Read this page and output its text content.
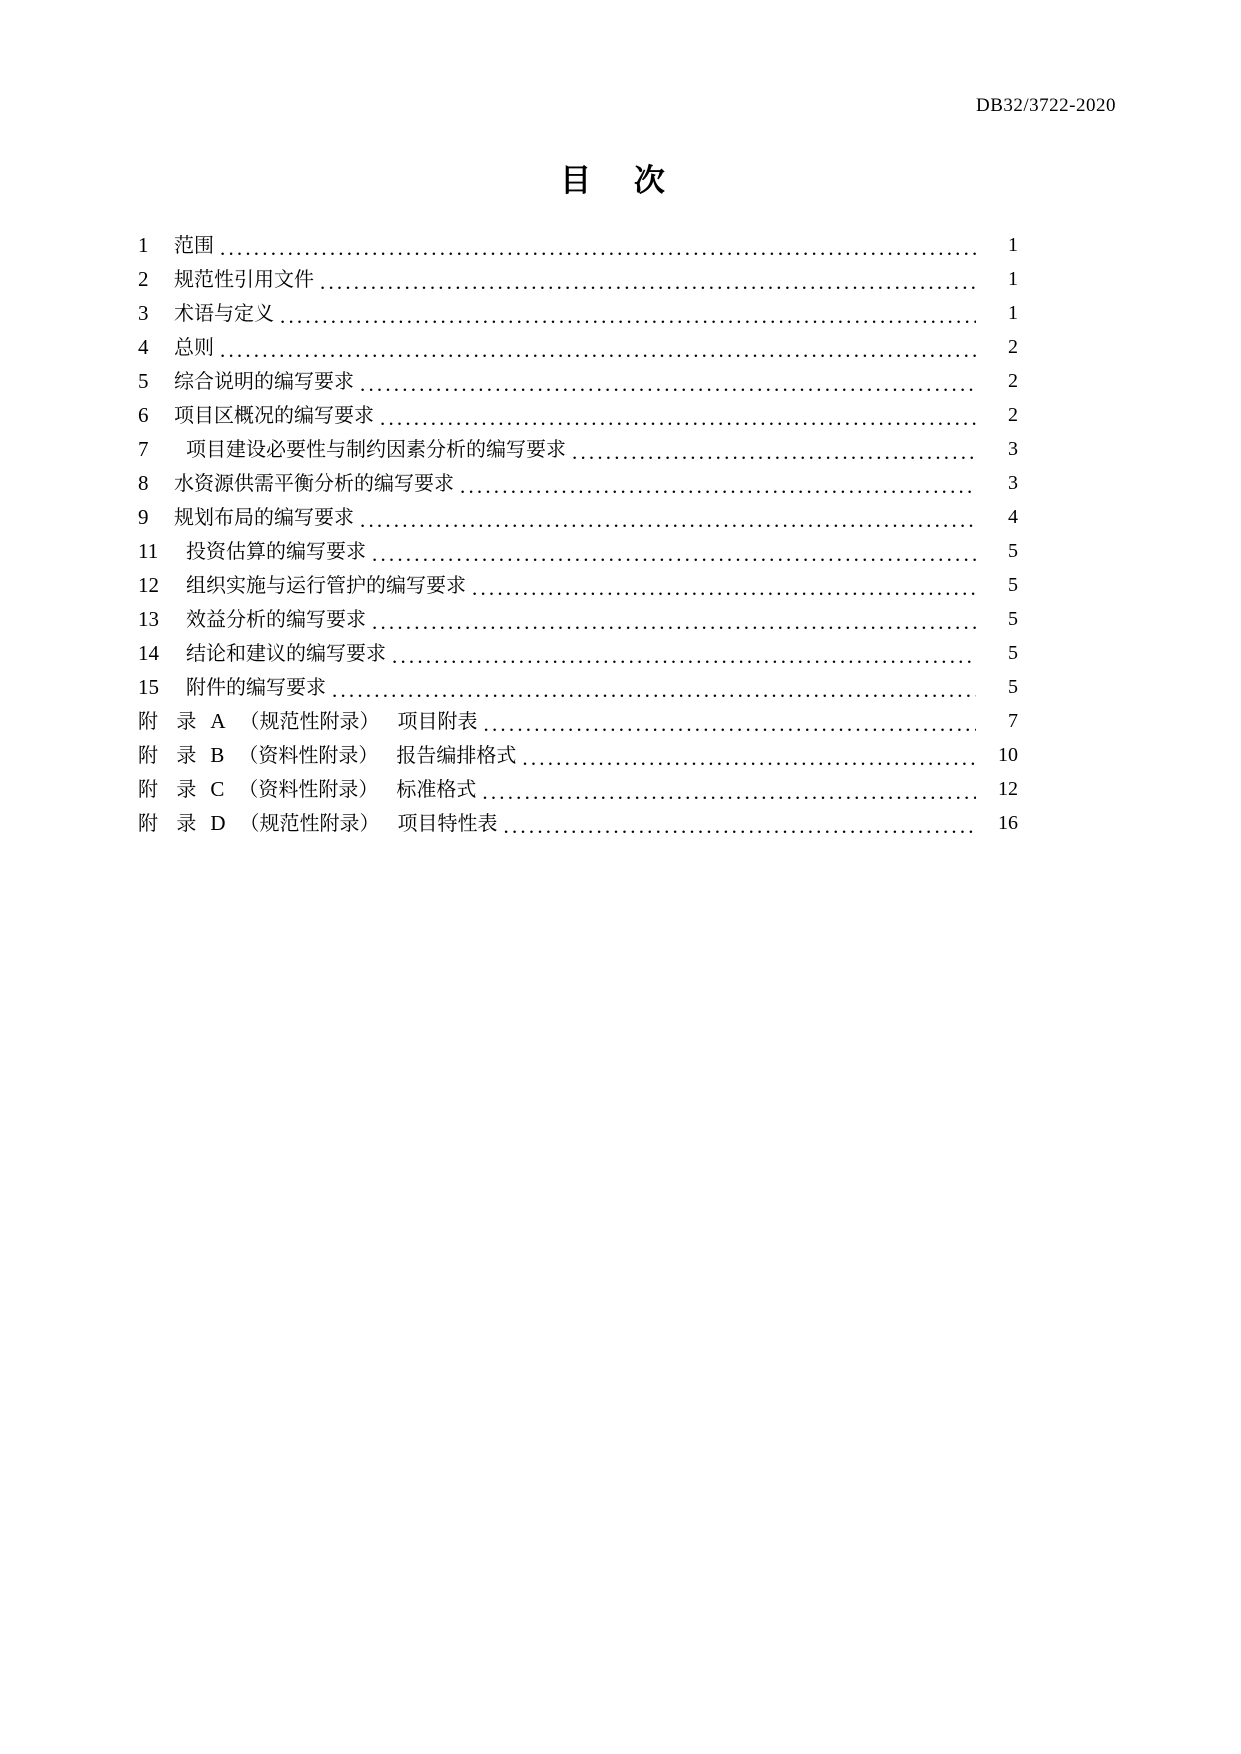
DB32/3722-2020
目 次
1	范围 .....	1
2	规范性引用文件 .....	1
3	术语与定义 .....	1
4	总则 .....	2
5	综合说明的编写要求 .....	2
6	项目区概况的编写要求 .....	2
7	项目建设必要性与制约因素分析的编写要求 .....	3
8	水资源供需平衡分析的编写要求 .....	3
9	规划布局的编写要求 .....	4
11	投资估算的编写要求 .....	5
12	组织实施与运行管护的编写要求 .....	5
13	效益分析的编写要求 .....	5
14	结论和建议的编写要求 .....	5
15	附件的编写要求 .....	5
附 录 A （规范性附录） 项目附表 .....	7
附 录 B （资料性附录） 报告编排格式 .....	10
附 录 C （资料性附录） 标准格式 .....	12
附 录 D （规范性附录） 项目特性表 .....	16
